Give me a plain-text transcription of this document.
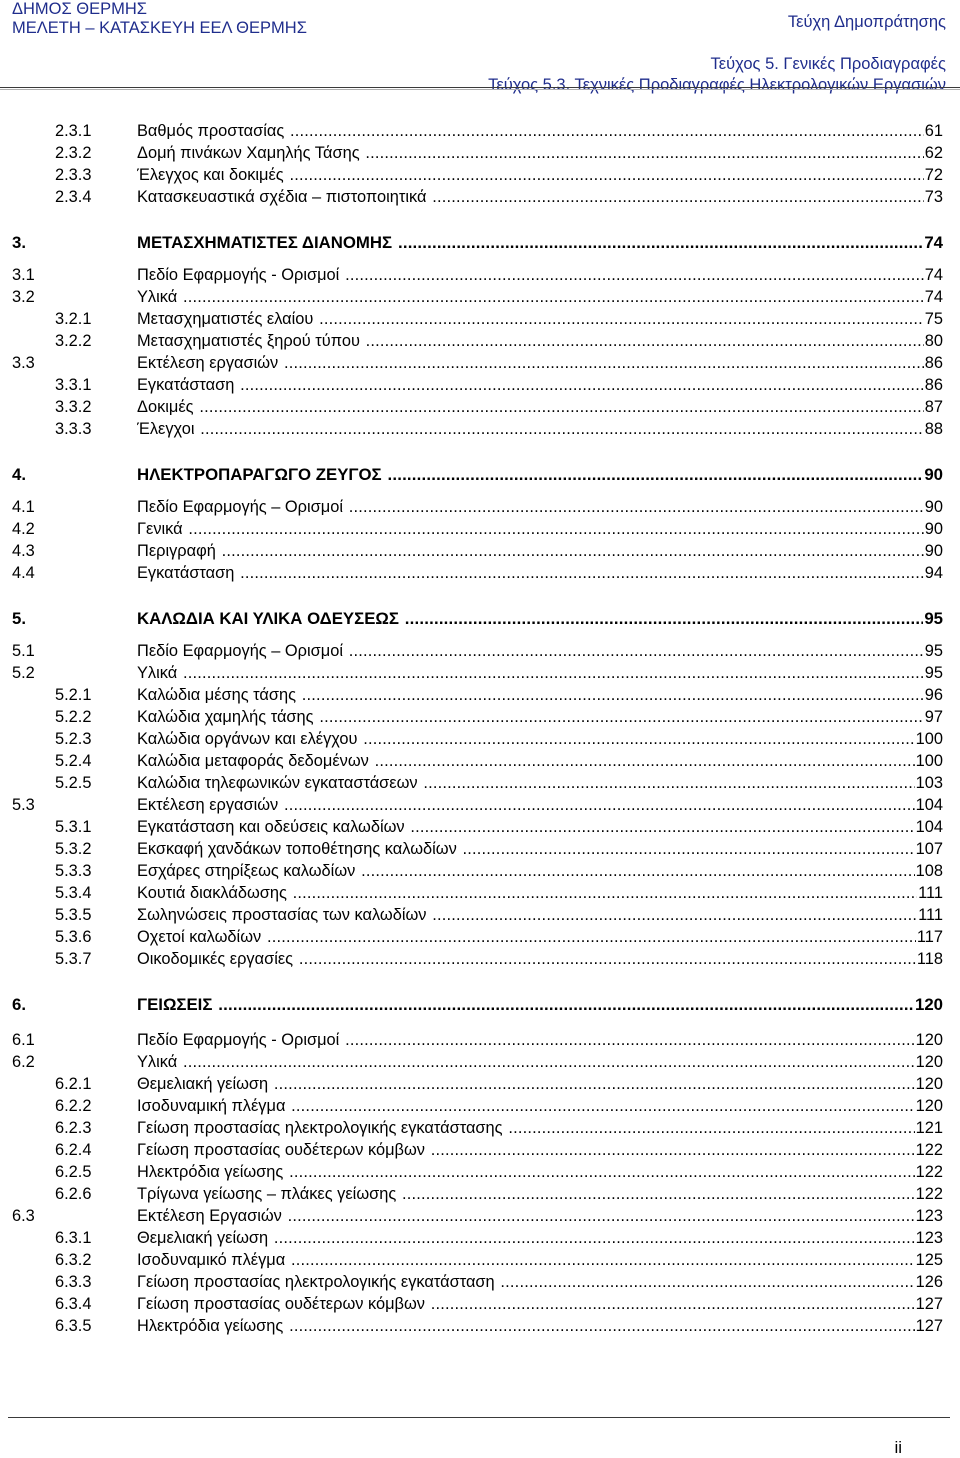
ΔΗΜΟΣ ΘΕΡΜΗΣ
ΜΕΛΕΤΗ – ΚΑΤΑΣΚΕΥΗ ΕΕΛ ΘΕΡΜΗΣ	Τεύχη Δημοπράτησης
Τεύχος 5. Γενικές Προδιαγραφές
Τεύχος 5.3. Τεχνικές Προδιαγραφές Ηλεκτρολογικών Εργασιών
2.3.1	Βαθμός προστασίας .....	61
2.3.2	Δομή πινάκων Χαμηλής Τάσης .....	62
2.3.3	Έλεγχος και δοκιμές .....	72
2.3.4	Κατασκευαστικά σχέδια – πιστοποιητικά .....	73
3.	ΜΕΤΑΣΧΗΜΑΤΙΣΤΕΣ ΔΙΑΝΟΜΗΣ .....	74
3.1	Πεδίο Εφαρμογής - Ορισμοί .....	74
3.2	Υλικά .....	74
3.2.1	Μετασχηματιστές ελαίου .....	75
3.2.2	Μετασχηματιστές ξηρού τύπου .....	80
3.3	Εκτέλεση εργασιών .....	86
3.3.1	Εγκατάσταση .....	86
3.3.2	Δοκιμές .....	87
3.3.3	Έλεγχοι .....	88
4.	ΗΛΕΚΤΡΟΠΑΡΑΓΩΓΟ ΖΕΥΓΟΣ .....	90
4.1	Πεδίο Εφαρμογής – Ορισμοί .....	90
4.2	Γενικά .....	90
4.3	Περιγραφή .....	90
4.4	Εγκατάσταση .....	94
5.	ΚΑΛΩΔΙΑ ΚΑΙ ΥΛΙΚΑ ΟΔΕΥΣΕΩΣ .....	95
5.1	Πεδίο Εφαρμογής – Ορισμοί .....	95
5.2	Υλικά .....	95
5.2.1	Καλώδια μέσης τάσης .....	96
5.2.2	Καλώδια χαμηλής τάσης .....	97
5.2.3	Καλώδια οργάνων και ελέγχου .....	100
5.2.4	Καλώδια μεταφοράς δεδομένων .....	100
5.2.5	Καλώδια τηλεφωνικών εγκαταστάσεων .....	103
5.3	Εκτέλεση εργασιών .....	104
5.3.1	Εγκατάσταση και οδεύσεις καλωδίων .....	104
5.3.2	Εκσκαφή χανδάκων τοποθέτησης καλωδίων .....	107
5.3.3	Εσχάρες στηρίξεως καλωδίων .....	108
5.3.4	Κουτιά διακλάδωσης .....	111
5.3.5	Σωληνώσεις προστασίας των καλωδίων .....	111
5.3.6	Οχετοί καλωδίων .....	117
5.3.7	Οικοδομικές εργασίες .....	118
6.	ΓΕΙΩΣΕΙΣ .....	120
6.1	Πεδίο Εφαρμογής - Ορισμοί .....	120
6.2	Υλικά .....	120
6.2.1	Θεμελιακή γείωση .....	120
6.2.2	Ισοδυναμική πλέγμα .....	120
6.2.3	Γείωση προστασίας ηλεκτρολογικής εγκατάστασης .....	121
6.2.4	Γείωση προστασίας ουδέτερων κόμβων .....	122
6.2.5	Ηλεκτρόδια γείωσης .....	122
6.2.6	Τρίγωνα γείωσης – πλάκες γείωσης .....	122
6.3	Εκτέλεση Εργασιών .....	123
6.3.1	Θεμελιακή γείωση .....	123
6.3.2	Ισοδυναμικό πλέγμα .....	125
6.3.3	Γείωση προστασίας ηλεκτρολογικής εγκατάσταση .....	126
6.3.4	Γείωση προστασίας ουδέτερων κόμβων .....	127
6.3.5	Ηλεκτρόδια γείωσης .....	127
ii
